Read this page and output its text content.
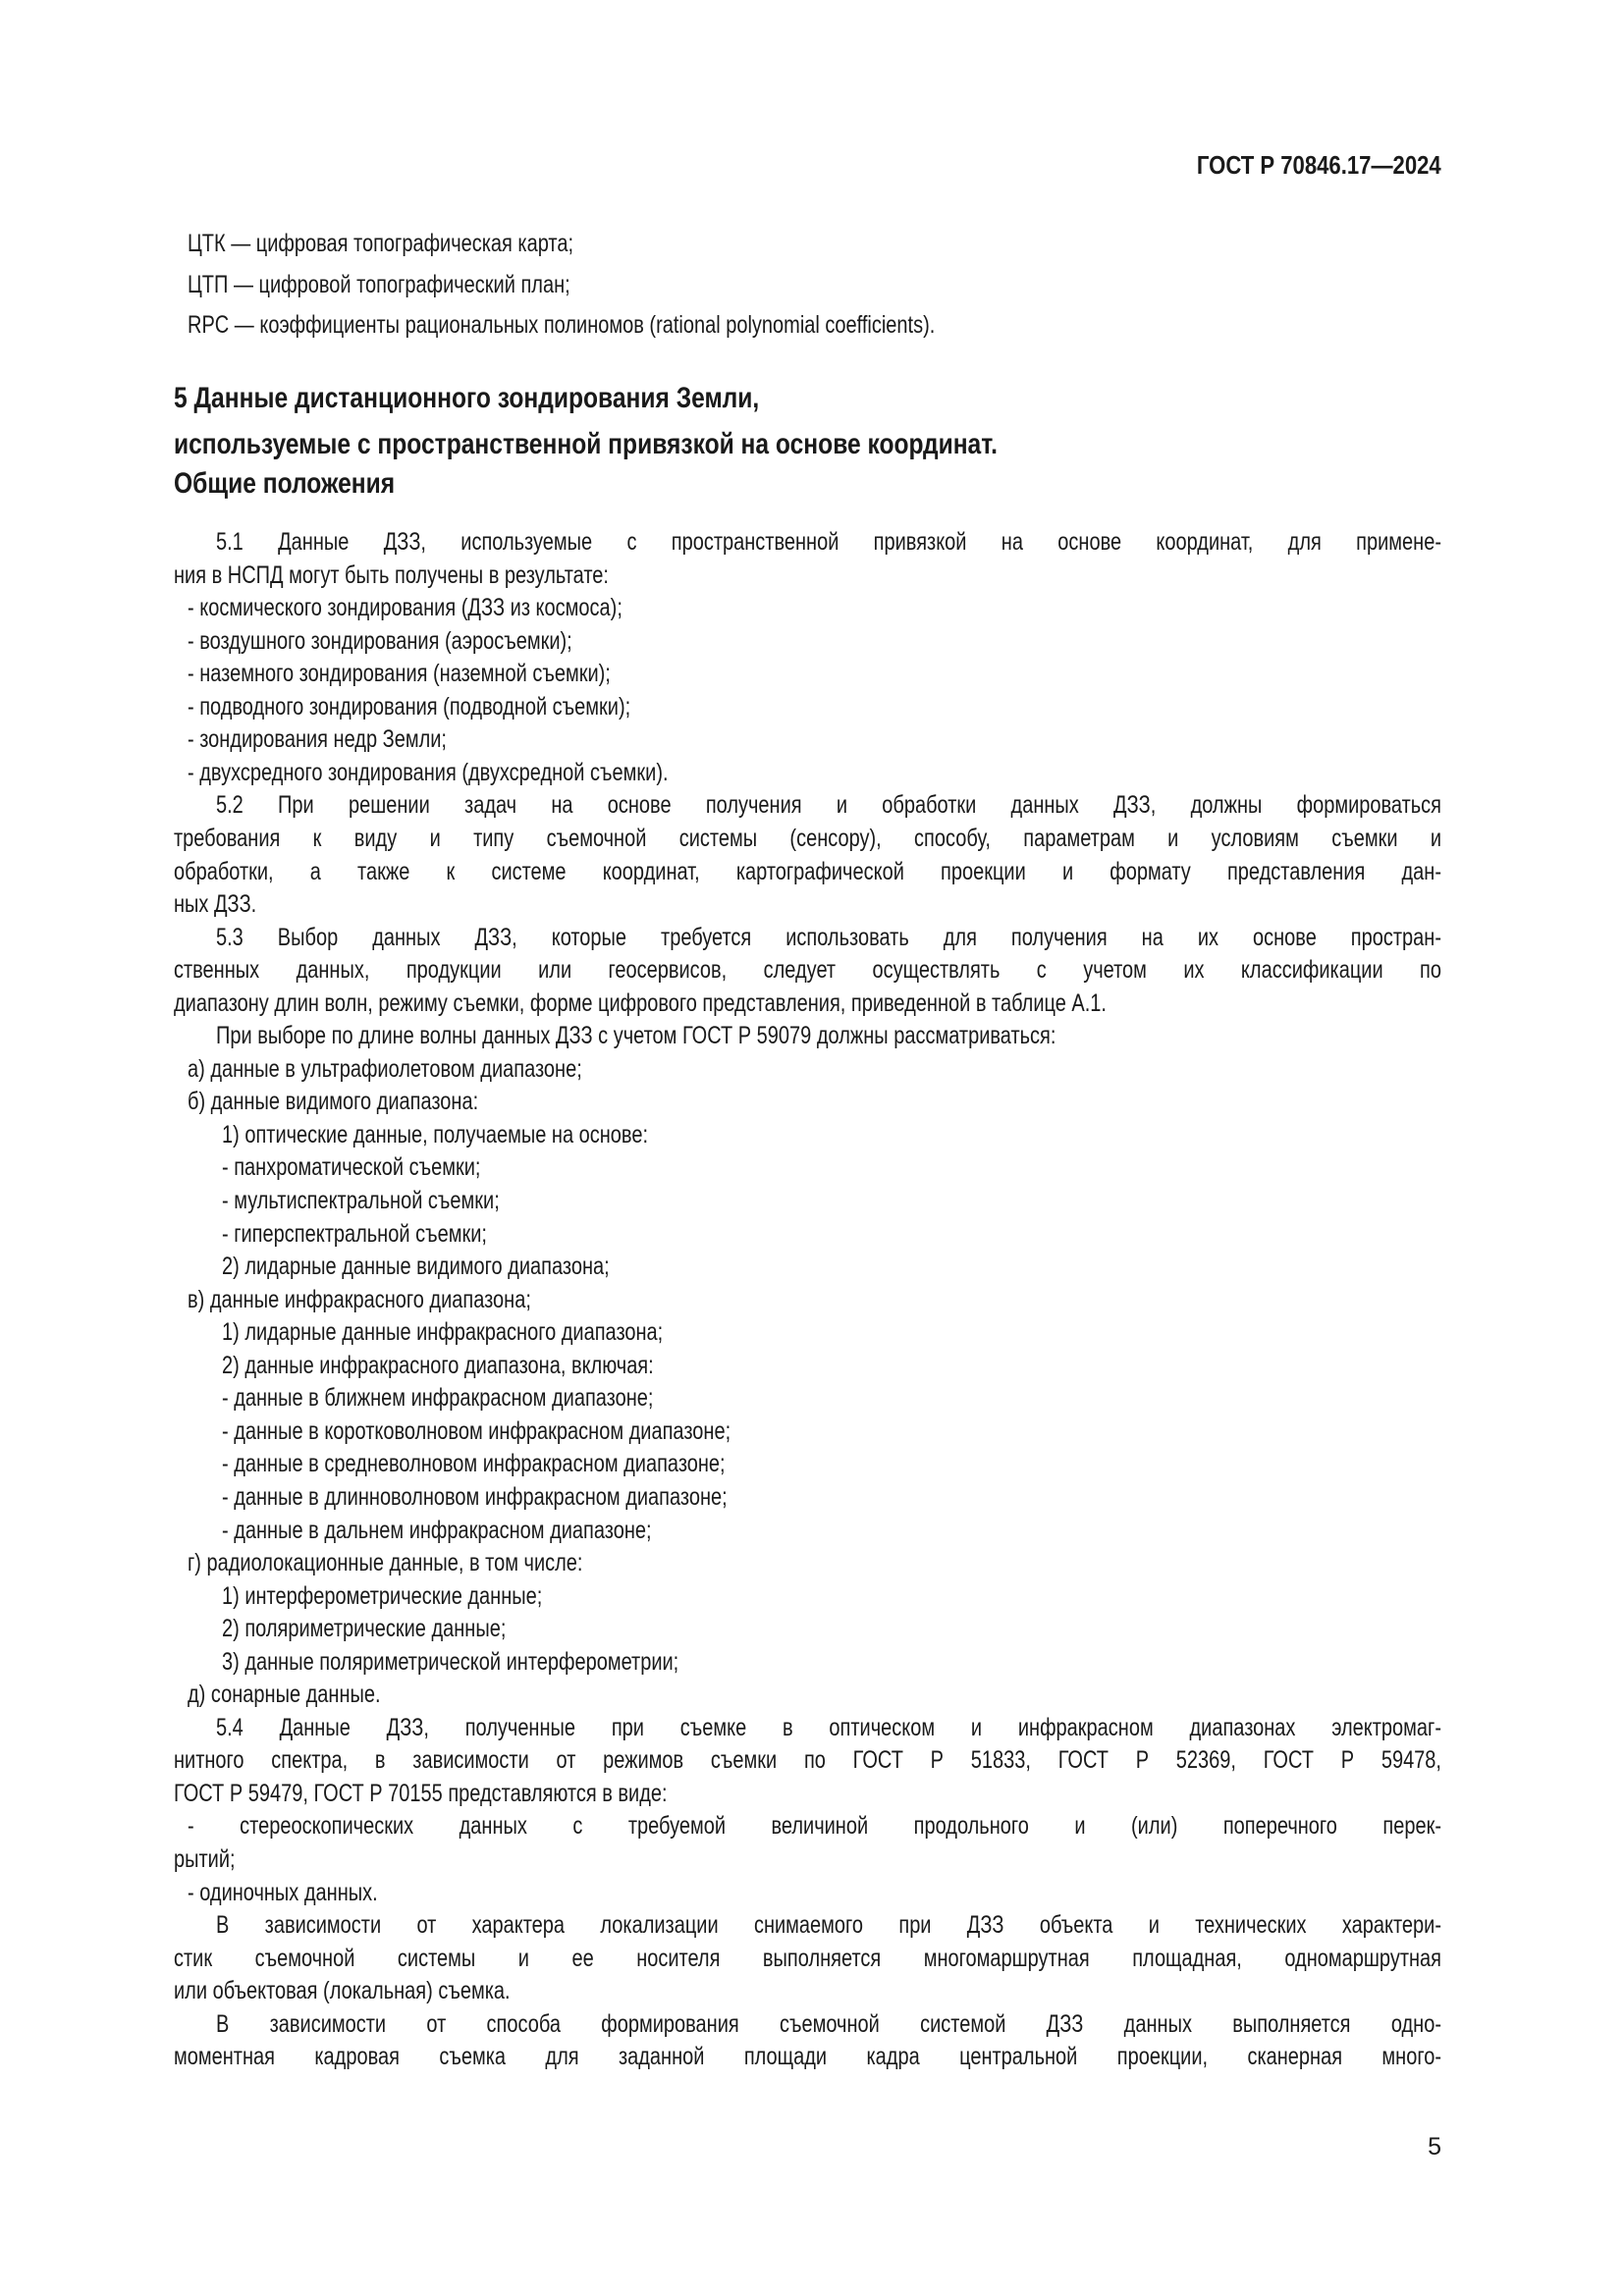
ГОСТ Р 70846.17—2024
ЦТК — цифровая топографическая карта;
ЦТП — цифровой топографический план;
RPC — коэффициенты рациональных полиномов (rational polynomial coefficients).
5 Данные дистанционного зондирования Земли,
используемые с пространственной привязкой на основе координат.
Общие положения
5.1 Данные ДЗЗ, используемые с пространственной привязкой на основе координат, для примене-
ния в НСПД могут быть получены в результате:
- космического зондирования (ДЗЗ из космоса);
- воздушного зондирования (аэросъемки);
- наземного зондирования (наземной съемки);
- подводного зондирования (подводной съемки);
- зондирования недр Земли;
- двухсредного зондирования (двухсредной съемки).
5.2 При решении задач на основе получения и обработки данных ДЗЗ, должны формироваться
требования к виду и типу съемочной системы (сенсору), способу, параметрам и условиям съемки и
обработки, а также к системе координат, картографической проекции и формату представления дан-
ных ДЗЗ.
5.3 Выбор данных ДЗЗ, которые требуется использовать для получения на их основе простран-
ственных данных, продукции или геосервисов, следует осуществлять с учетом их классификации по
диапазону длин волн, режиму съемки, форме цифрового представления, приведенной в таблице А.1.
При выборе по длине волны данных ДЗЗ с учетом ГОСТ Р 59079 должны рассматриваться:
а) данные в ультрафиолетовом диапазоне;
б) данные видимого диапазона:
1) оптические данные, получаемые на основе:
- панхроматической съемки;
- мультиспектральной съемки;
- гиперспектральной съемки;
2) лидарные данные видимого диапазона;
в) данные инфракрасного диапазона;
1) лидарные данные инфракрасного диапазона;
2) данные инфракрасного диапазона, включая:
- данные в ближнем инфракрасном диапазоне;
- данные в коротковолновом инфракрасном диапазоне;
- данные в средневолновом инфракрасном диапазоне;
- данные в длинноволновом инфракрасном диапазоне;
- данные в дальнем инфракрасном диапазоне;
г) радиолокационные данные, в том числе:
1) интерферометрические данные;
2) поляриметрические данные;
3) данные поляриметрической интерферометрии;
д) сонарные данные.
5.4 Данные ДЗЗ, полученные при съемке в оптическом и инфракрасном диапазонах электромаг-
нитного спектра, в зависимости от режимов съемки по ГОСТ Р 51833, ГОСТ Р 52369, ГОСТ Р 59478,
ГОСТ Р 59479, ГОСТ Р 70155 представляются в виде:
- стереоскопических данных с требуемой величиной продольного и (или) поперечного перек-
рытий;
- одиночных данных.
В зависимости от характера локализации снимаемого при ДЗЗ объекта и технических характери-
стик съемочной системы и ее носителя выполняется многомаршрутная площадная, одномаршрутная
или объектовая (локальная) съемка.
В зависимости от способа формирования съемочной системой ДЗЗ данных выполняется одно-
моментная кадровая съемка для заданной площади кадра центральной проекции, сканерная много-
5
